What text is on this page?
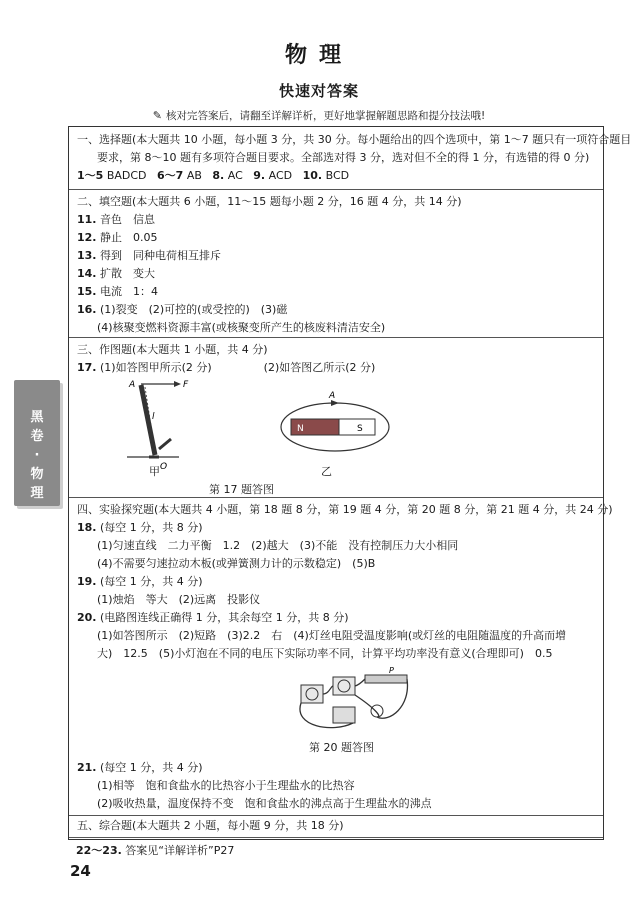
物理
快速对答案
✎ 核对完答案后，请翻至详解详析，更好地掌握解题思路和提分技法哦!
黑
卷
·
物
理
一、选择题(本大题共 10 小题，每小题 3 分，共 30 分。每小题给出的四个选项中，第 1～7 题只有一项符合题目
要求，第 8～10 题有多项符合题目要求。全部选对得 3 分，选对但不全的得 1 分，有选错的得 0 分)
1～5 BADCD 6～7 AB 8. AC 9. ACD 10. BCD
二、填空题(本大题共 6 小题，11～15 题每小题 2 分，16 题 4 分，共 14 分)
11. 音色　信息
12. 静止　0.05
13. 得到　同种电荷相互排斥
14. 扩散　变大
15. 电流　1：4
16. (1)裂变　(2)可控的(或受控的)　(3)磁
(4)核聚变燃料资源丰富(或核聚变所产生的核废料清洁安全)
三、作图题(本大题共 1 小题，共 4 分)
17. (1)如答图甲所示(2 分)	(2)如答图乙所示(2 分)
A	F
l
O
甲
A
N	S
乙
第 17 题答图
四、实验探究题(本大题共 4 小题，第 18 题 8 分，第 19 题 4 分，第 20 题 8 分，第 21 题 4 分，共 24 分)
18. (每空 1 分，共 8 分)
(1)匀速直线　二力平衡　1.2　(2)越大　(3)不能　没有控制压力大小相同
(4)不需要匀速拉动木板(或弹簧测力计的示数稳定)　(5)B
19. (每空 1 分，共 4 分)
(1)烛焰　等大　(2)远离　投影仪
20. (电路图连线正确得 1 分，其余每空 1 分，共 8 分)
(1)如答图所示　(2)短路　(3)2.2　右　(4)灯丝电阻受温度影响(或灯丝的电阻随温度的升高而增
大)　12.5　(5)小灯泡在不同的电压下实际功率不同，计算平均功率没有意义(合理即可)　0.5
P
第 20 题答图
21. (每空 1 分，共 4 分)
(1)相等　饱和食盐水的比热容小于生理盐水的比热容
(2)吸收热量，温度保持不变　饱和食盐水的沸点高于生理盐水的沸点
五、综合题(本大题共 2 小题，每小题 9 分，共 18 分)
22～23. 答案见“详解详析”P27
24
